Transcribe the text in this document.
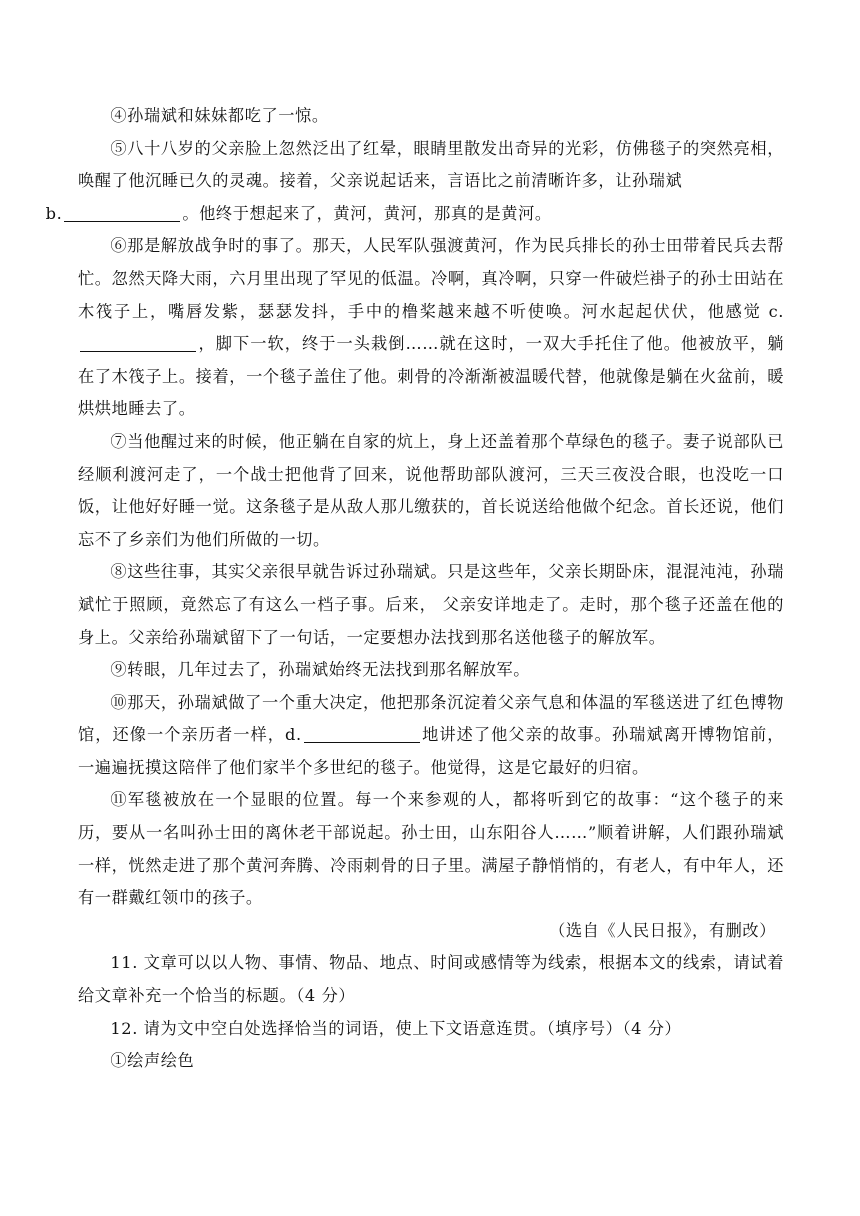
④孙瑞斌和妹妹都吃了一惊。

⑤八十八岁的父亲脸上忽然泛出了红晕，眼睛里散发出奇异的光彩，仿佛毯子的突然亮相，唤醒了他沉睡已久的灵魂。接着，父亲说起话来，言语比之前清晰许多，让孙瑞斌
b.	。他终于想起来了，黄河，黄河，那真的是黄河。

⑥那是解放战争时的事了。那天，人民军队强渡黄河，作为民兵排长的孙士田带着民兵去帮忙。忽然天降大雨，六月里出现了罕见的低温。冷啊，真冷啊，只穿一件破烂褂子的孙士田站在木筏子上，嘴唇发紫，瑟瑟发抖，手中的橹桨越来越不听使唤。河水起起伏伏，他感觉 c.，脚下一软，终于一头栽倒……就在这时，一双大手托住了他。他被放平，躺在了木筏子上。接着，一个毯子盖住了他。刺骨的冷渐渐被温暖代替，他就像是躺在火盆前，暖烘烘地睡去了。

⑦当他醒过来的时候，他正躺在自家的炕上，身上还盖着那个草绿色的毯子。妻子说部队已经顺利渡河走了，一个战士把他背了回来，说他帮助部队渡河，三天三夜没合眼，也没吃一口饭，让他好好睡一觉。这条毯子是从敌人那儿缴获的，首长说送给他做个纪念。首长还说，他们忘不了乡亲们为他们所做的一切。

⑧这些往事，其实父亲很早就告诉过孙瑞斌。只是这些年，父亲长期卧床，混混沌沌，孙瑞斌忙于照顾，竟然忘了有这么一档子事。后来， 父亲安详地走了。走时，那个毯子还盖在他的身上。父亲给孙瑞斌留下了一句话，一定要想办法找到那名送他毯子的解放军。

⑨转眼，几年过去了，孙瑞斌始终无法找到那名解放军。

⑩那天，孙瑞斌做了一个重大决定，他把那条沉淀着父亲气息和体温的军毯送进了红色博物馆，还像一个亲历者一样，d.	地讲述了他父亲的故事。孙瑞斌离开博物馆前，一遍遍抚摸这陪伴了他们家半个多世纪的毯子。他觉得，这是它最好的归宿。

⑪军毯被放在一个显眼的位置。每一个来参观的人，都将听到它的故事：“这个毯子的来历，要从一名叫孙士田的离休老干部说起。孙士田，山东阳谷人……”顺着讲解，人们跟孙瑞斌一样，恍然走进了那个黄河奔腾、冷雨刺骨的日子里。满屋子静悄悄的，有老人，有中年人，还有一群戴红领巾的孩子。

（选自《人民日报》，有删改）

11. 文章可以以人物、事情、物品、地点、时间或感情等为线索，根据本文的线索，请试着给文章补充一个恰当的标题。（4 分）

12. 请为文中空白处选择恰当的词语，使上下文语意连贯。（填序号）（4 分）

①绘声绘色
